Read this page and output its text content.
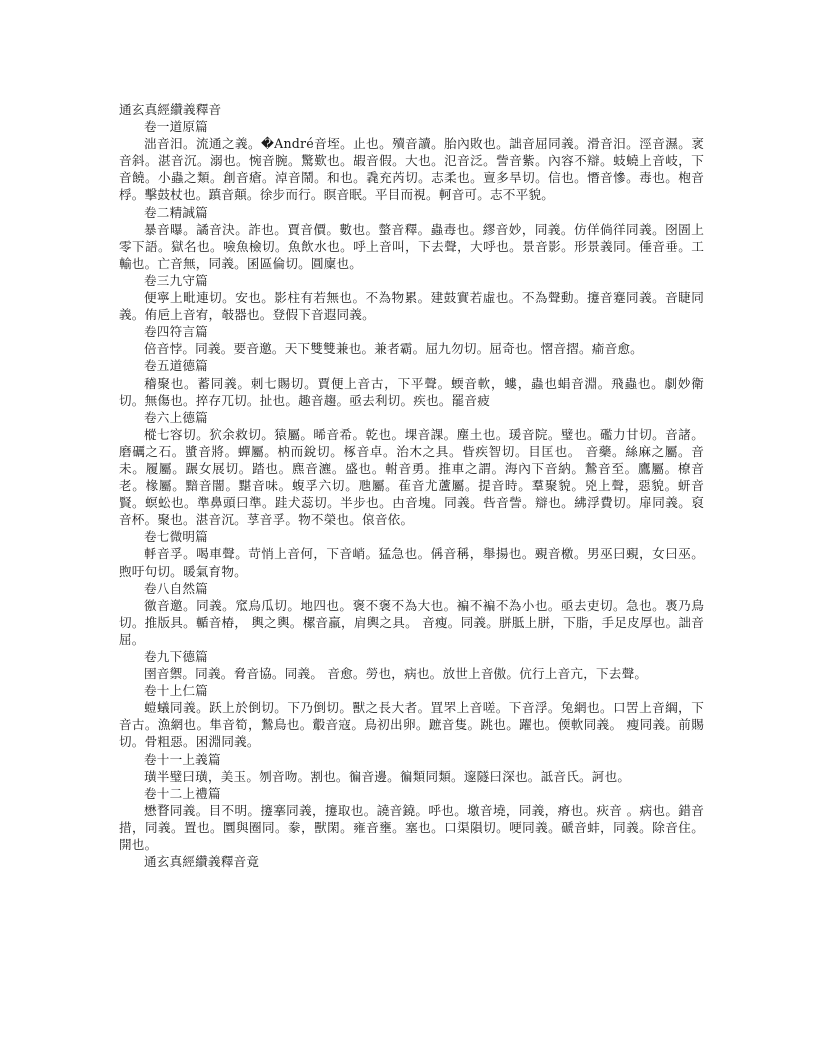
通玄真經纘義釋音

卷一道原篇

泏音汨。流通之義。�André音垤。止也。殰音讀。胎內敗也。詘音屈同義。滑音汨。涇音濕。衺音斜。湛音沉。溺也。惋音腕。驚歎也。嘏音假。大也。氾音泛。訾音紫。內容不辯。蚑蟯上音岐，下音饒。小蟲之類。創音瘡。淖音鬧。和也。毳充芮切。志柔也。亶多旱切。信也。憯音慘。毒也。枹音桴。擊鼓杖也。蹎音顛。徐步而行。瞑音眠。平目而視。軻音可。志不平貌。

卷二精誠篇

暴音曝。譎音決。詐也。賈音價。數也。螫音釋。蟲毒也。繆音妙，同義。仿佯倘徉同義。囹圄上零下語。獄名也。噞魚檢切。魚飲水也。呼上音叫，下去聲，大呼也。景音影。形景義同。倕音垂。工輸也。亡音無，同義。囷區倫切。圓廩也。

卷三九守篇

便寧上毗連切。安也。影柱有若無也。不為物累。建鼓實若虛也。不為聲動。攓音蹇同義。音睫同義。侑巵上音宥，攲器也。登假下音遐同義。

卷四符言篇

倍音悖。同義。要音邀。天下雙雙兼也。兼者霸。屈九勿切。屈奇也。慴音摺。瘉音愈。

卷五道德篇

稽聚也。蓄同義。刺七賜切。賈便上音古，下平聲。蝡音軟，螻，蟲也蜎音淵。飛蟲也。劇妙衛切。無傷也。捽存兀切。扯也。趣音趨。亟去利切。疾也。罷音疲

卷六上德篇

樅七容切。狖余救切。猿屬。晞音希。乾也。堁音課。塵土也。瑗音院。璧也。礛力甘切。音諸。磨礪之石。螿音將。蟬屬。枘而銳切。椓音卓。治木之具。眥疾智切。目匡也。 音藥。絲麻之屬。音未。履屬。蹍女展切。踏也。麃音瀌。盛也。軵音勇。推車之謂。海內下音納。鷙音至。鷹屬。橑音老。椽屬。黯音闇。黮音味。蝮孚六切。虺屬。萑音尤蘆屬。提音時。羣聚貌。兇上聲，惡貌。蚈音賢。螟蚣也。準鼻頭曰準。跬犬蕊切。半步也。甴音塊。同義。呰音訾。辯也。紼浮費切。扉同義。裒音杯。聚也。湛音沉。莩音孚。物不榮也。偯音依。

卷七微明篇

軤音孚。喝車聲。苛悄上音何，下音峭。猛急也。偁音稱，舉揚也。覡音檄。男巫曰覡，女曰巫。煦吁句切。暖氣育物。

卷八自然篇

徼音邀。同義。窊烏瓜切。地四也。褒不褒不為大也。褊不褊不為小也。亟去吏切。急也。褭乃鳥切。推版具。輴音椿， 輿之輿。樏音羸，肩輿之具。 音瘦。同義。胼胝上胼，下脂，手足皮厚也。詘音屈。

卷九下德篇

圉音禦。同義。脅音協。同義。 音愈。勞也，病也。放世上音傲。伉行上音亢，下去聲。

卷十上仁篇

螘蟻同義。跃上於倒切。下乃倒切。獸之長大者。罝罘上音嗟。下音浮。兔網也。口罟上音綱，下音古。漁網也。隼音筍，鷙鳥也。鷇音寇。鳥初出卵。蹠音隻。跳也。躍也。偄軟同義。 瘦同義。前賜切。骨粗惡。困淵同義。

卷十一上義篇

璜半璧曰璜，美玉。刎音吻。割也。徧音邊。徧類同類。邃隧曰深也。詆音氏。訶也。

卷十二上禮篇

懋瞀同義。目不明。攓搴同義，攓取也。譊音鐃。呼也。墽音墝，同義，瘠也。疢音 。病也。錯音措，同義。置也。圜與圈同。豢，獸閑。雍音壅。塞也。口渠隕切。哽同義。磃音蚌，同義。除音住。開也。

通玄真經纘義釋音竟
